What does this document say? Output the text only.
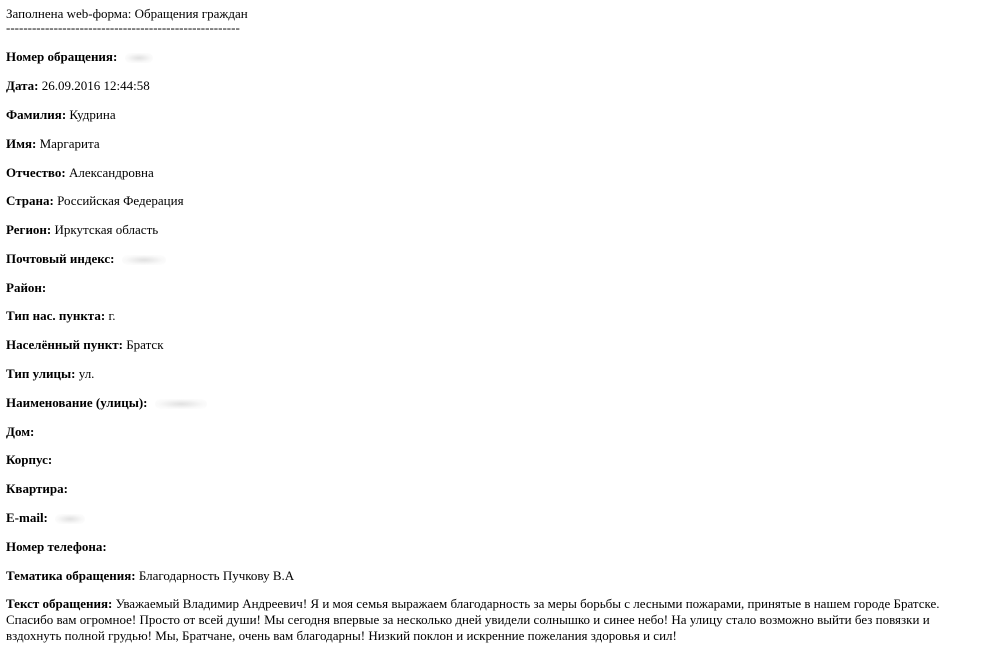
Заполнена web-форма: Обращения граждан
------------------------------------------------------
Номер обращения:
Дата: 26.09.2016 12:44:58
Фамилия: Кудрина
Имя: Маргарита
Отчество: Александровна
Страна: Российская Федерация
Регион: Иркутская область
Почтовый индекс:
Район:
Тип нас. пункта: г.
Населённый пункт: Братск
Тип улицы: ул.
Наименование (улицы):
Дом:
Корпус:
Квартира:
E-mail:
Номер телефона:
Тематика обращения: Благодарность Пучкову В.А
Текст обращения: Уважаемый Владимир Андреевич! Я и моя семья выражаем благодарность за меры борьбы с лесными пожарами, принятые в нашем городе Братске. Спасибо вам огромное! Просто от всей души! Мы сегодня впервые за несколько дней увидели солнышко и синее небо! На улицу стало возможно выйти без повязки и вздохнуть полной грудью! Мы, Братчане, очень вам благодарны! Низкий поклон и искренние пожелания здоровья и сил!
